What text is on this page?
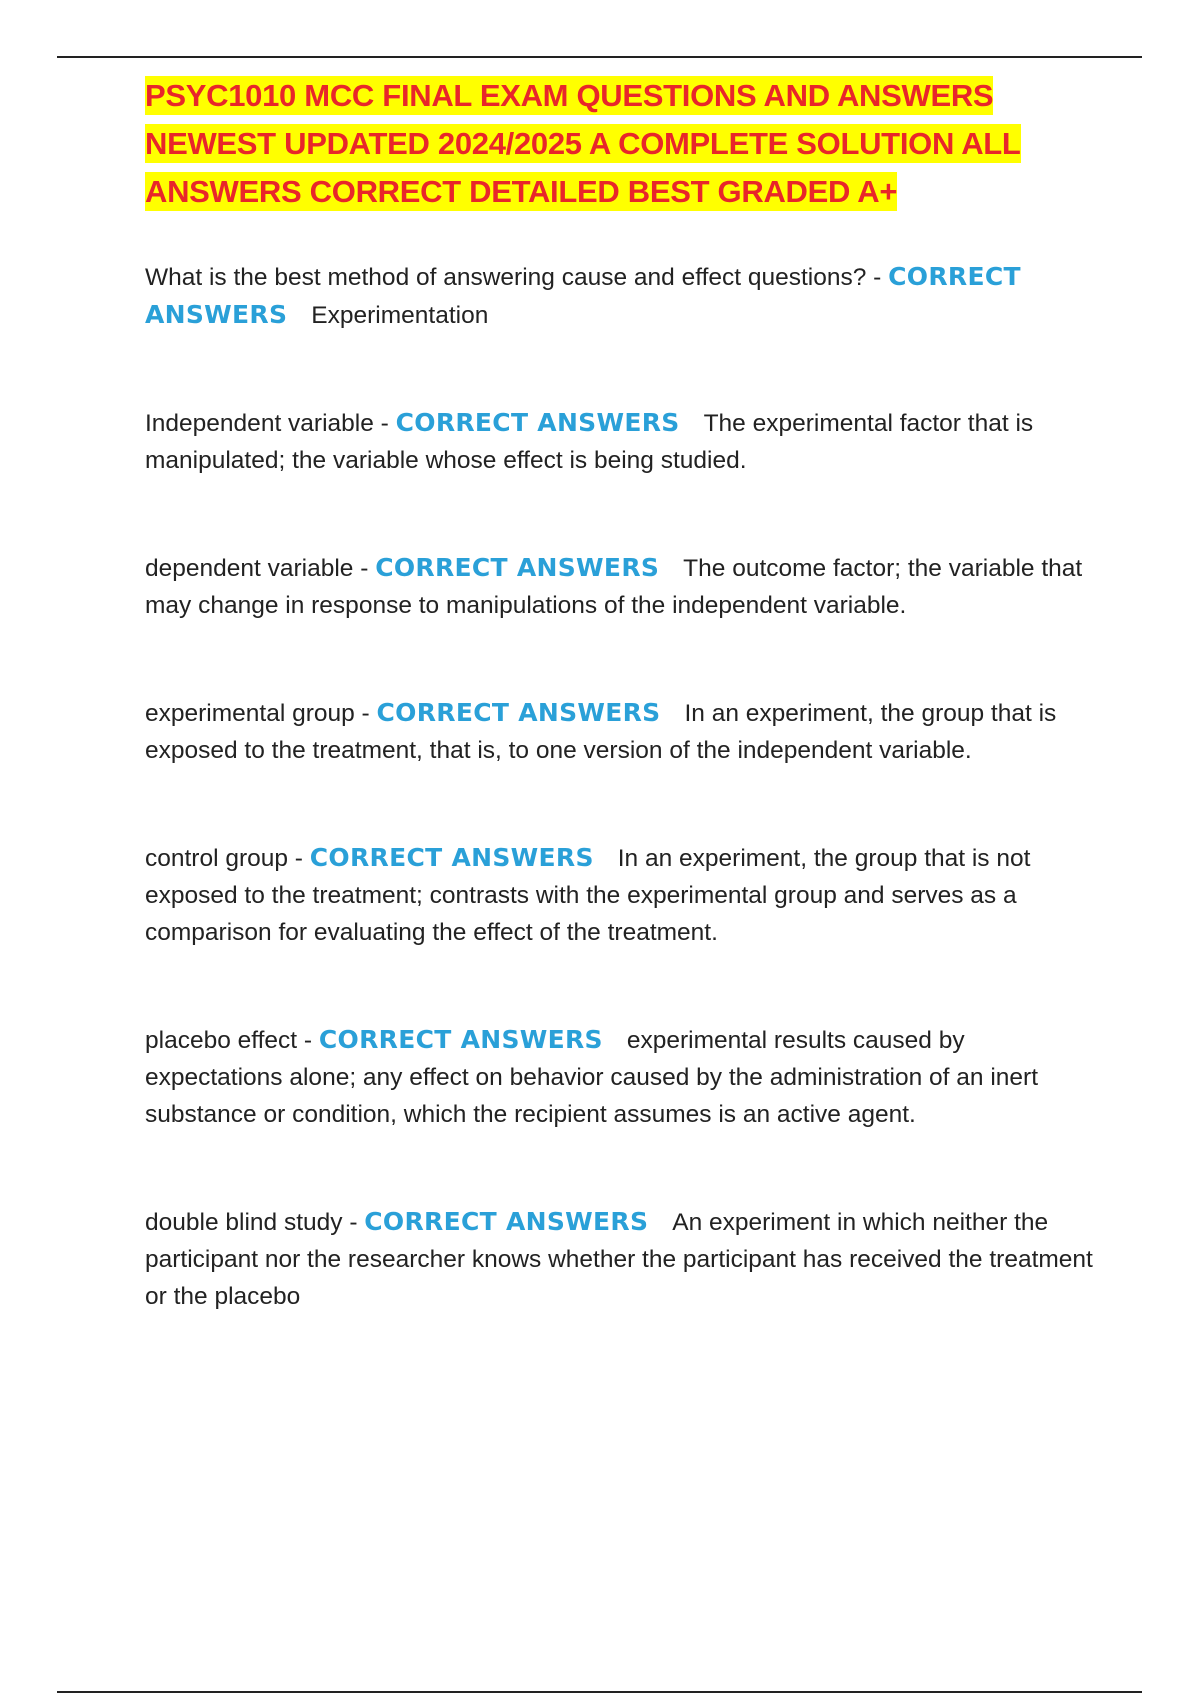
PSYC1010 MCC FINAL EXAM QUESTIONS AND ANSWERS NEWEST UPDATED 2024/2025 A COMPLETE SOLUTION ALL ANSWERS CORRECT DETAILED BEST GRADED A+

What is the best method of answering cause and effect questions? - CORRECT ANSWERS Experimentation

Independent variable - CORRECT ANSWERS The experimental factor that is manipulated; the variable whose effect is being studied.

dependent variable - CORRECT ANSWERS The outcome factor; the variable that may change in response to manipulations of the independent variable.

experimental group - CORRECT ANSWERS In an experiment, the group that is exposed to the treatment, that is, to one version of the independent variable.

control group - CORRECT ANSWERS In an experiment, the group that is not exposed to the treatment; contrasts with the experimental group and serves as a comparison for evaluating the effect of the treatment.

placebo effect - CORRECT ANSWERS experimental results caused by expectations alone; any effect on behavior caused by the administration of an inert substance or condition, which the recipient assumes is an active agent.

double blind study - CORRECT ANSWERS An experiment in which neither the participant nor the researcher knows whether the participant has received the treatment or the placebo
